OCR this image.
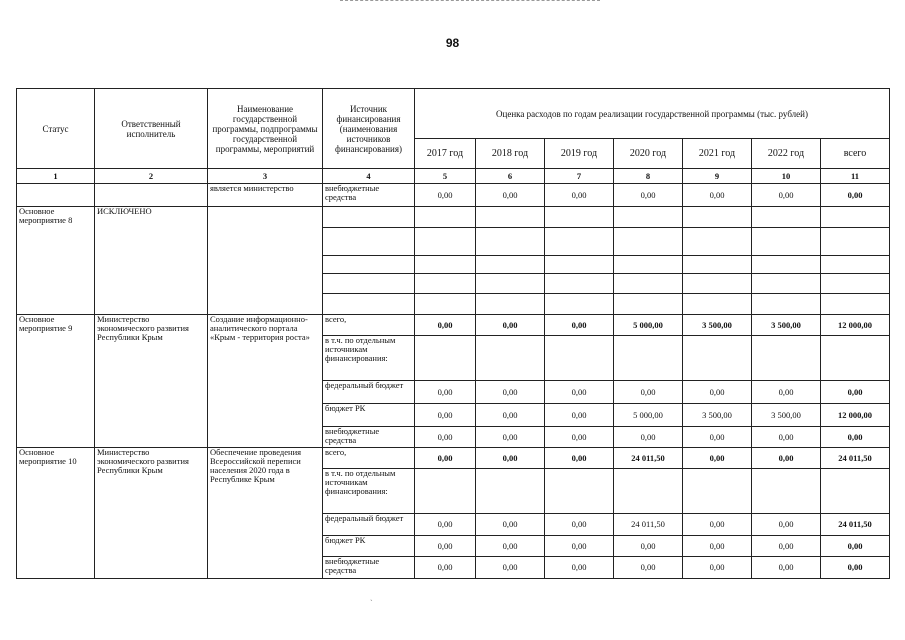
98
Статус	Ответственный исполнитель	Наименование государственной программы, подпрограммы государственной программы, мероприятий	Источник финансирования (наименования источников финансирования)	Оценка расходов по годам реализации государственной программы (тыс. рублей)						
				2017 год	2018 год	2019 год	2020 год	2021 год	2022 год	всего
1	2	3	4	5	6	7	8	9	10	11
		является министерство	внебюджетные средства	0,00	0,00	0,00	0,00	0,00	0,00	0,00
Основное мероприятие 8	ИСКЛЮЧЕНО									

Основное мероприятие 9	Министерство экономического развития Республики Крым	Создание информационно-аналитического портала «Крым - территория роста»	всего,	0,00	0,00	0,00	5 000,00	3 500,00	3 500,00	12 000,00
			в т.ч. по отдельным источникам финансирования:							
			федеральный бюджет	0,00	0,00	0,00	0,00	0,00	0,00	0,00
			бюджет РК	0,00	0,00	0,00	5 000,00	3 500,00	3 500,00	12 000,00
			внебюджетные средства	0,00	0,00	0,00	0,00	0,00	0,00	0,00
Основное мероприятие 10	Министерство экономического развития Республики Крым	Обеспечение проведения Всероссийской переписи населения 2020 года в Республике Крым	всего,	0,00	0,00	0,00	24 011,50	0,00	0,00	24 011,50
			в т.ч. по отдельным источникам финансирования:							
			федеральный бюджет	0,00	0,00	0,00	24 011,50	0,00	0,00	24 011,50
			бюджет РК	0,00	0,00	0,00	0,00	0,00	0,00	0,00
			внебюджетные средства	0,00	0,00	0,00	0,00	0,00	0,00	0,00
ˏ
